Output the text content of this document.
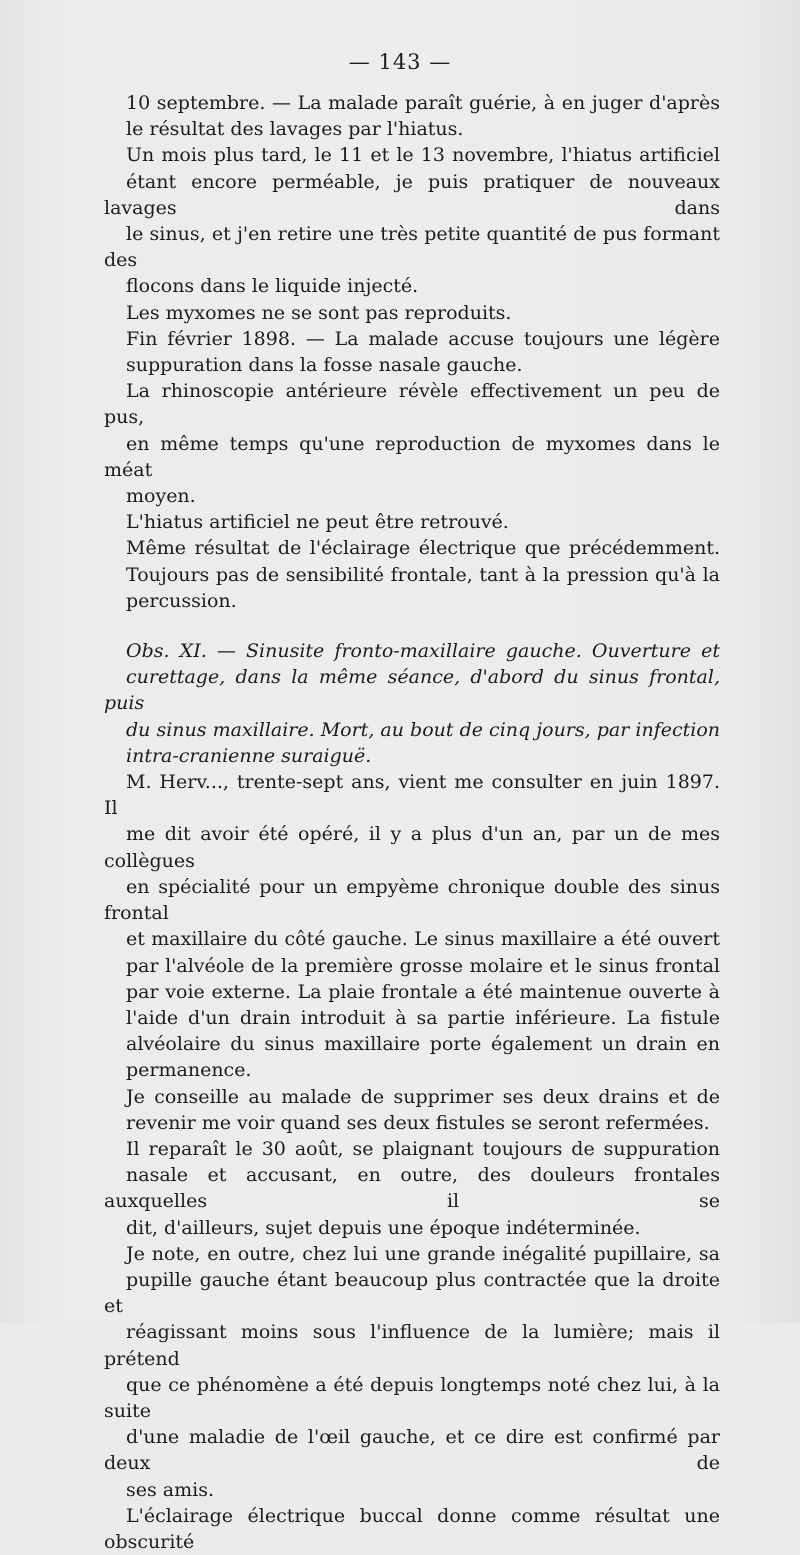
— 143 —

10 septembre. — La malade paraît guérie, à en juger d'après
le résultat des lavages par l'hiatus.

Un mois plus tard, le 11 et le 13 novembre, l'hiatus artificiel
étant encore perméable, je puis pratiquer de nouveaux lavages dans
le sinus, et j'en retire une très petite quantité de pus formant des
flocons dans le liquide injecté.

Les myxomes ne se sont pas reproduits.

Fin février 1898. — La malade accuse toujours une légère
suppuration dans la fosse nasale gauche.

La rhinoscopie antérieure révèle effectivement un peu de pus,
en même temps qu'une reproduction de myxomes dans le méat
moyen.

L'hiatus artificiel ne peut être retrouvé.

Même résultat de l'éclairage électrique que précédemment.
Toujours pas de sensibilité frontale, tant à la pression qu'à la
percussion.

Obs. XI. — Sinusite fronto-maxillaire gauche. Ouverture et
curettage, dans la même séance, d'abord du sinus frontal, puis
du sinus maxillaire. Mort, au bout de cinq jours, par infection
intra-cranienne suraiguë.

M. Herv..., trente-sept ans, vient me consulter en juin 1897. Il
me dit avoir été opéré, il y a plus d'un an, par un de mes collègues
en spécialité pour un empyème chronique double des sinus frontal
et maxillaire du côté gauche. Le sinus maxillaire a été ouvert
par l'alvéole de la première grosse molaire et le sinus frontal
par voie externe. La plaie frontale a été maintenue ouverte à
l'aide d'un drain introduit à sa partie inférieure. La fistule
alvéolaire du sinus maxillaire porte également un drain en
permanence.

Je conseille au malade de supprimer ses deux drains et de
revenir me voir quand ses deux fistules se seront refermées.

Il reparaît le 30 août, se plaignant toujours de suppuration
nasale et accusant, en outre, des douleurs frontales auxquelles il se
dit, d'ailleurs, sujet depuis une époque indéterminée.

Je note, en outre, chez lui une grande inégalité pupillaire, sa
pupille gauche étant beaucoup plus contractée que la droite et
réagissant moins sous l'influence de la lumière; mais il prétend
que ce phénomène a été depuis longtemps noté chez lui, à la suite
d'une maladie de l'œil gauche, et ce dire est confirmé par deux de
ses amis.

L'éclairage électrique buccal donne comme résultat une obscurité
